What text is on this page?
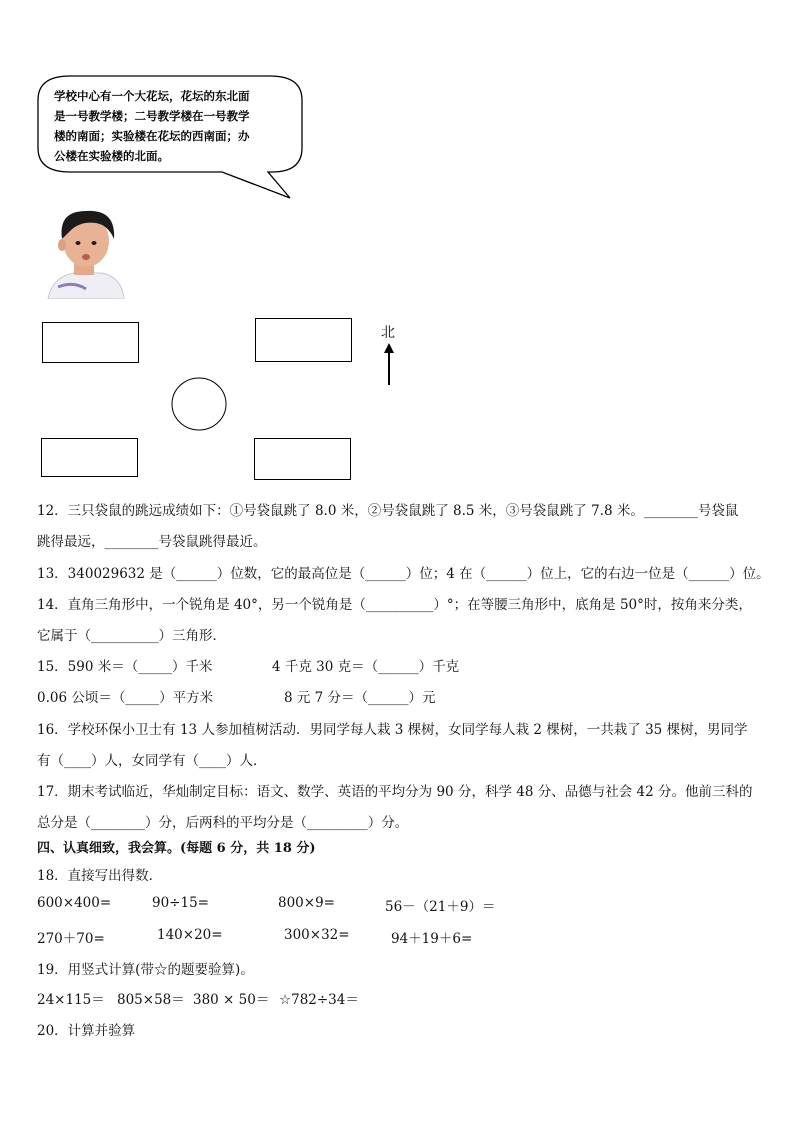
学校中心有一个大花坛，花坛的东北面
是一号教学楼；二号教学楼在一号教学
楼的南面；实验楼在花坛的西南面；办
公楼在实验楼的北面。
北
12．三只袋鼠的跳远成绩如下：①号袋鼠跳了 8.0 米，②号袋鼠跳了 8.5 米，③号袋鼠跳了 7.8 米。________号袋鼠
跳得最远，________号袋鼠跳得最近。
13．340029632 是（______）位数，它的最高位是（______）位；4 在（______）位上，它的右边一位是（______）位。
14．直角三角形中，一个锐角是 40°，另一个锐角是（__________）°；在等腰三角形中，底角是 50°时，按角来分类，
它属于（__________）三角形．
15．590 米＝（_____）千米	4 千克 30 克＝（______）千克
0.06 公顷＝（_____）平方米	8 元 7 分＝（______）元
16．学校环保小卫士有 13 人参加植树活动．男同学每人栽 3 棵树，女同学每人栽 2 棵树，一共栽了 35 棵树，男同学
有（____）人，女同学有（____）人．
17．期末考试临近，华灿制定目标：语文、数学、英语的平均分为 90 分，科学 48 分、品德与社会 42 分。他前三科的
总分是（________）分，后两科的平均分是（_________）分。
四、认真细致，我会算。(每题 6 分，共 18 分)
18．直接写出得数．
600×400=	90÷15=	800×9=	56－（21＋9）＝
270＋70=	140×20=	300×32=	94＋19＋6=
19．用竖式计算(带☆的题要验算)。
24×115＝ 805×58＝ 380 × 50＝ ☆782÷34＝
20．计算并验算
